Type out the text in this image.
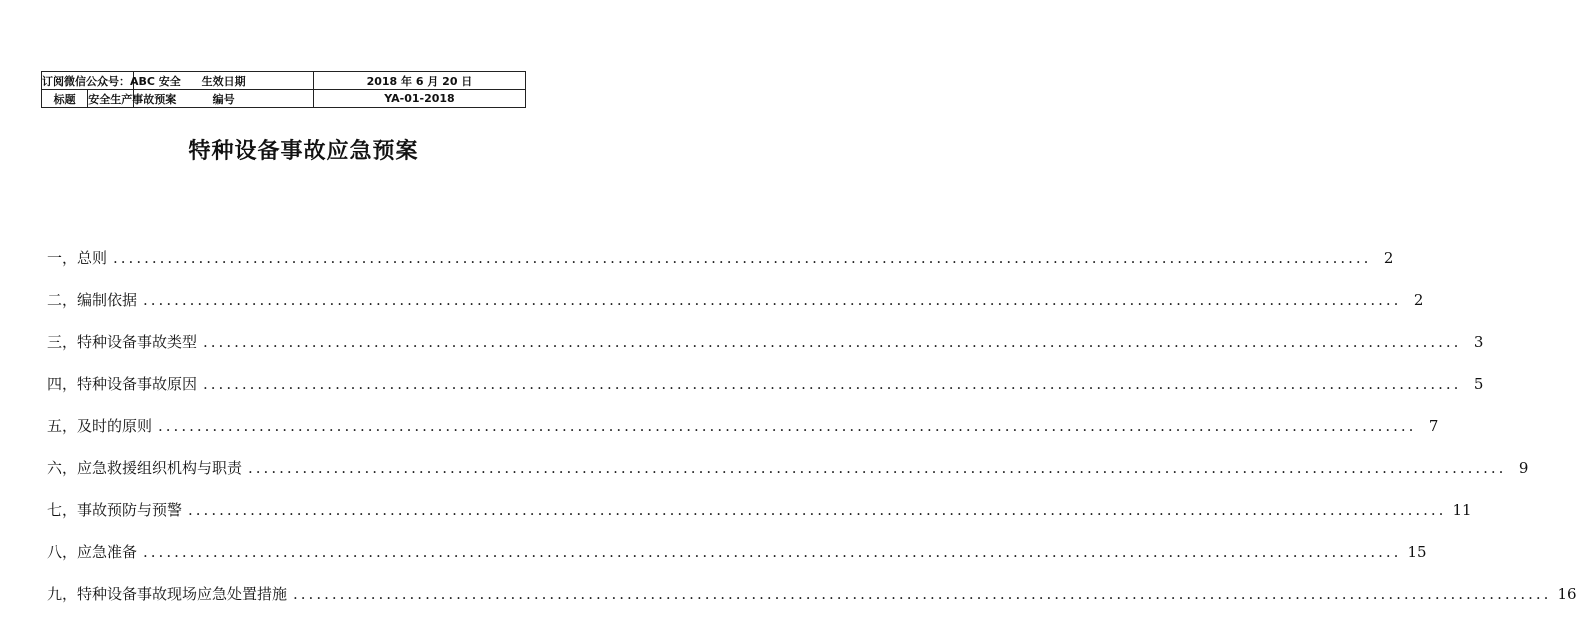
订阅微信公众号：ABC 安全		生效日期	2018 年 6 月 20 日
标题	安全生产事故预案	编号	YA-01-2018
特种设备事故应急预案
一，总则 .....	2
二，编制依据 .....	2
三，特种设备事故类型 .....	3
四，特种设备事故原因 .....	5
五，及时的原则 .....	7
六，应急救援组织机构与职责 .....	9
七，事故预防与预警 .....	11
八，应急准备 .....	15
九，特种设备事故现场应急处置措施 .....	16
